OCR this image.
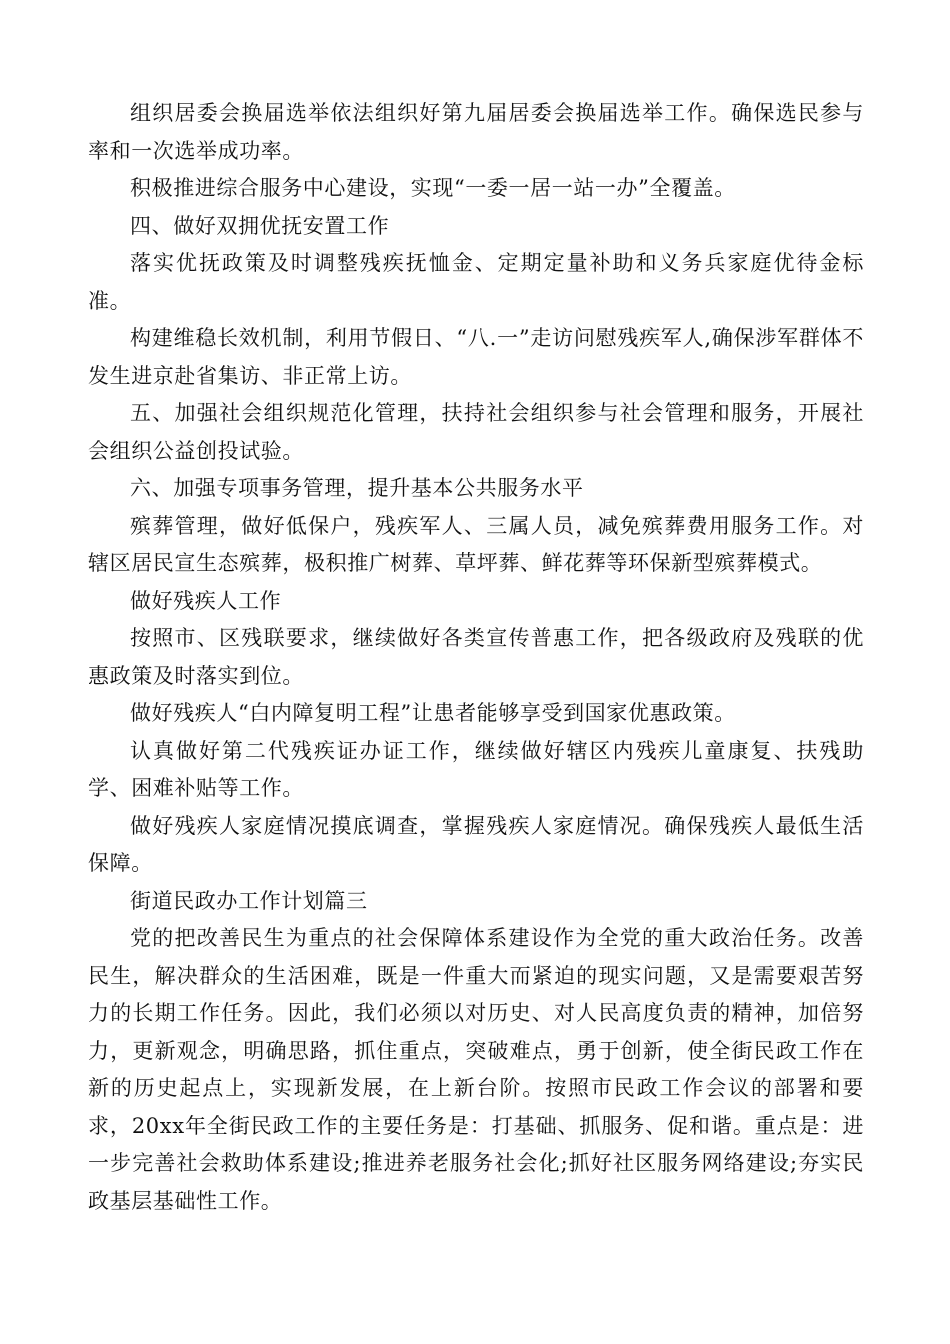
组织居委会换届选举依法组织好第九届居委会换届选举工作。确保选民参与率和一次选举成功率。

积极推进综合服务中心建设，实现“一委一居一站一办”全覆盖。

四、做好双拥优抚安置工作

落实优抚政策及时调整残疾抚恤金、定期定量补助和义务兵家庭优待金标准。

构建维稳长效机制，利用节假日、“八.一”走访问慰残疾军人,确保涉军群体不发生进京赴省集访、非正常上访。

五、加强社会组织规范化管理，扶持社会组织参与社会管理和服务，开展社会组织公益创投试验。

六、加强专项事务管理，提升基本公共服务水平

殡葬管理，做好低保户，残疾军人、三属人员，减免殡葬费用服务工作。对辖区居民宣生态殡葬，极积推广树葬、草坪葬、鲜花葬等环保新型殡葬模式。

做好残疾人工作

按照市、区残联要求，继续做好各类宣传普惠工作，把各级政府及残联的优惠政策及时落实到位。

做好残疾人“白内障复明工程”让患者能够享受到国家优惠政策。

认真做好第二代残疾证办证工作，继续做好辖区内残疾儿童康复、扶残助学、困难补贴等工作。

做好残疾人家庭情况摸底调查，掌握残疾人家庭情况。确保残疾人最低生活保障。

街道民政办工作计划篇三

党的把改善民生为重点的社会保障体系建设作为全党的重大政治任务。改善民生，解决群众的生活困难，既是一件重大而紧迫的现实问题，又是需要艰苦努力的长期工作任务。因此，我们必须以对历史、对人民高度负责的精神，加倍努力，更新观念，明确思路，抓住重点，突破难点，勇于创新，使全街民政工作在新的历史起点上，实现新发展，在上新台阶。按照市民政工作会议的部署和要求，20xx年全街民政工作的主要任务是：打基础、抓服务、促和谐。重点是：进一步完善社会救助体系建设;推进养老服务社会化;抓好社区服务网络建设;夯实民政基层基础性工作。
